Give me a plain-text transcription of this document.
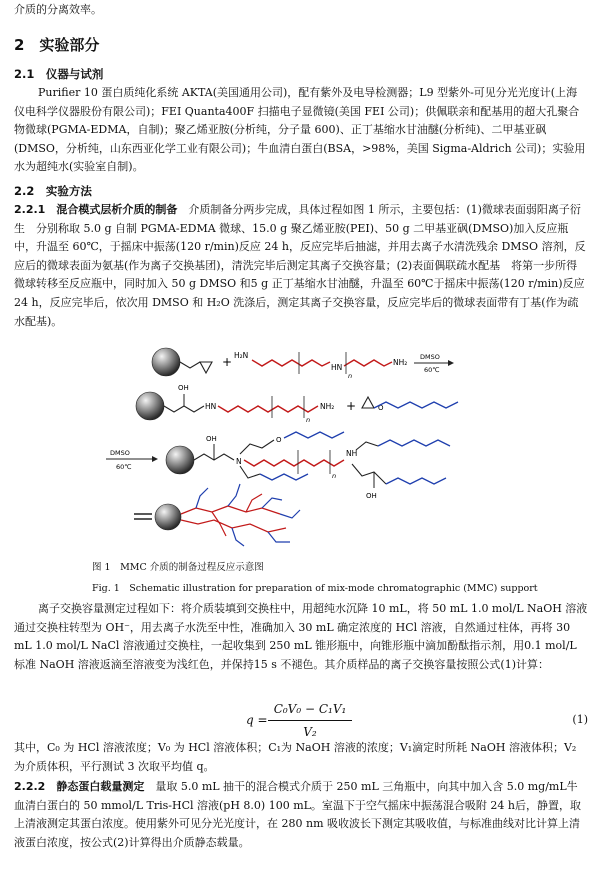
介质的分离效率。

2　实验部分
2.1　仪器与试剂

Purifier 10 蛋白质纯化系统 AKTA(美国通用公司)，配有紫外及电导检测器；L9 型紫外-可见分光光度计(上海仪电科学仪器股份有限公司)；FEI Quanta400F 扫描电子显微镜(美国 FEI 公司)；供佩联亲和配基用的超大孔聚合物微球(PGMA-EDMA，自制)；聚乙烯亚胺(分析纯，分子量 600)、正丁基缩水甘油醚(分析纯)、二甲基亚砜(DMSO，分析纯，山东西亚化学工业有限公司)；牛血清白蛋白(BSA，>98%，美国 Sigma-Aldrich 公司)；实验用水为超纯水(实验室自制)。

2.2　实验方法

2.2.1　混合模式层析介质的制备　介质制备分两步完成，具体过程如图 1 所示，主要包括：(1)微球表面弱阳离子衍生　分别称取 5.0 g 自制 PGMA-EDMA 微球、15.0 g 聚乙烯亚胺(PEI)、50 g 二甲基亚砜(DMSO)加入反应瓶中，升温至 60℃，于摇床中振荡(120 r/min)反应 24 h，反应完毕后抽滤，并用去离子水清洗残余 DMSO 溶剂，反应后的微球表面为氨基(作为离子交换基团)，清洗完毕后测定其离子交换容量；(2)表面偶联疏水配基　将第一步所得微球转移至反应瓶中，同时加入 50 g DMSO 和5 g 正丁基缩水甘油醚，升温至 60℃于摇床中振荡(120 r/min)反应 24 h，反应完毕后，依次用 DMSO 和 H₂O 洗涤后，测定其离子交换容量，反应完毕后的微球表面带有丁基(作为疏水配基)。

+ H₂N
HN
n
NH₂
DMSO
60℃
OH
HN
n
NH₂ +	O
DMSO
60℃
OH
N
O
n
NH
OH
图 1　MMC 介质的制备过程反应示意图
Fig. 1　Schematic illustration for preparation of mix-mode chromatographic (MMC) support

离子交换容量测定过程如下：将介质装填到交换柱中，用超纯水沉降 10 mL，将 50 mL 1.0 mol/L NaOH 溶液通过交换柱转型为 OH⁻，用去离子水洗至中性，准确加入 30 mL 确定浓度的 HCl 溶液，自然通过柱体，再将 30 mL 1.0 mol/L NaCl 溶液通过交换柱，一起收集到 250 mL 锥形瓶中，向锥形瓶中滴加酚酞指示剂，用0.1 mol/L 标准 NaOH 溶液返滴至溶液变为浅红色，并保持15 s 不褪色。其介质样品的离子交换容量按照公式(1)计算：

q =
C₀V₀ − C₁V₁
V₂
(1)

其中，C₀ 为 HCl 溶液浓度；V₀ 为 HCl 溶液体积；C₁为 NaOH 溶液的浓度；V₁滴定时所耗 NaOH 溶液体积；V₂ 为介质体积，平行测试 3 次取平均值 q。

2.2.2　静态蛋白载量测定　量取 5.0 mL 抽干的混合模式介质于 250 mL 三角瓶中，向其中加入含 5.0 mg/mL牛血清白蛋白的 50 mmol/L Tris-HCl 溶液(pH 8.0) 100 mL。室温下于空气摇床中振荡混合吸附 24 h后，静置，取上清液测定其蛋白浓度。使用紫外可见分光光度计，在 280 nm 吸收波长下测定其吸收值，与标准曲线对比计算上清液蛋白浓度，按公式(2)计算得出介质静态载量。
